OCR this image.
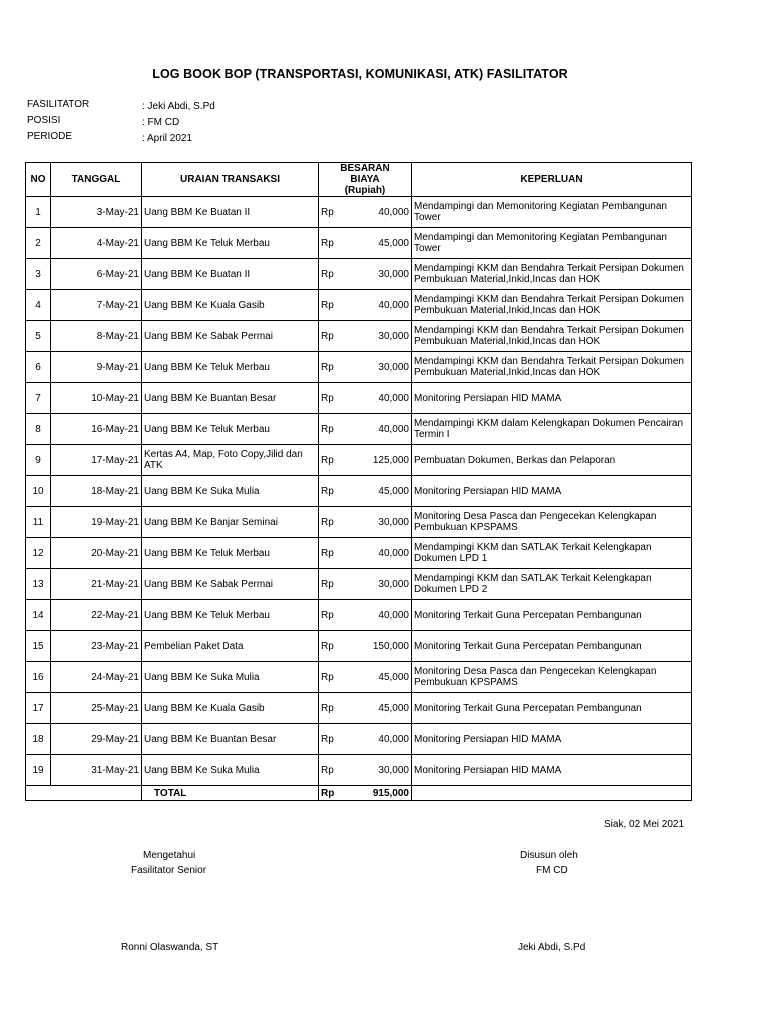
LOG BOOK BOP (TRANSPORTASI, KOMUNIKASI, ATK) FASILITATOR
FASILITATOR	: Jeki Abdi, S.Pd
POSISI	: FM CD
PERIODE	: April 2021
NO	TANGGAL	URAIAN TRANSAKSI	BESARAN BIAYA (Rupiah)		KEPERLUAN
1	3-May-21	Uang BBM Ke Buatan II	Rp	40,000	Mendampingi dan Memonitoring Kegiatan Pembangunan Tower
2	4-May-21	Uang BBM Ke Teluk Merbau	Rp	45,000	Mendampingi dan Memonitoring Kegiatan Pembangunan Tower
3	6-May-21	Uang BBM Ke Buatan II	Rp	30,000	Mendampingi KKM dan Bendahra Terkait Persipan Dokumen Pembukuan Material,Inkid,Incas dan HOK
4	7-May-21	Uang BBM Ke Kuala Gasib	Rp	40,000	Mendampingi KKM dan Bendahra Terkait Persipan Dokumen Pembukuan Material,Inkid,Incas dan HOK
5	8-May-21	Uang BBM Ke Sabak Permai	Rp	30,000	Mendampingi KKM dan Bendahra Terkait Persipan Dokumen Pembukuan Material,Inkid,Incas dan HOK
6	9-May-21	Uang BBM Ke Teluk Merbau	Rp	30,000	Mendampingi KKM dan Bendahra Terkait Persipan Dokumen Pembukuan Material,Inkid,Incas dan HOK
7	10-May-21	Uang BBM Ke Buantan Besar	Rp	40,000	Monitoring Persiapan HID MAMA
8	16-May-21	Uang BBM Ke Teluk Merbau	Rp	40,000	Mendampingi KKM dalam Kelengkapan Dokumen Pencairan Termin I
9	17-May-21	Kertas A4, Map, Foto Copy,Jilid dan ATK	Rp	125,000	Pembuatan Dokumen, Berkas dan Pelaporan
10	18-May-21	Uang BBM Ke Suka Mulia	Rp	45,000	Monitoring Persiapan HID MAMA
11	19-May-21	Uang BBM Ke Banjar Seminai	Rp	30,000	Monitoring Desa Pasca dan Pengecekan Kelengkapan Pembukuan KPSPAMS
12	20-May-21	Uang BBM Ke Teluk Merbau	Rp	40,000	Mendampingi KKM dan SATLAK Terkait Kelengkapan Dokumen LPD 1
13	21-May-21	Uang BBM Ke Sabak Permai	Rp	30,000	Mendampingi KKM dan SATLAK Terkait Kelengkapan Dokumen LPD 2
14	22-May-21	Uang BBM Ke Teluk Merbau	Rp	40,000	Monitoring Terkait Guna Percepatan Pembangunan
15	23-May-21	Pembelian Paket Data	Rp	150,000	Monitoring Terkait Guna Percepatan Pembangunan
16	24-May-21	Uang BBM Ke Suka Mulia	Rp	45,000	Monitoring Desa Pasca dan Pengecekan Kelengkapan Pembukuan KPSPAMS
17	25-May-21	Uang BBM Ke Kuala Gasib	Rp	45,000	Monitoring Terkait Guna Percepatan Pembangunan
18	29-May-21	Uang BBM Ke Buantan Besar	Rp	40,000	Monitoring Persiapan HID MAMA
19	31-May-21	Uang BBM Ke Suka Mulia	Rp	30,000	Monitoring Persiapan HID MAMA
		TOTAL	Rp	915,000	
Siak, 02 Mei 2021
Mengetahui
Fasilitator Senior
Ronni Olaswanda, ST
Disusun oleh
FM CD
Jeki Abdi, S.Pd
